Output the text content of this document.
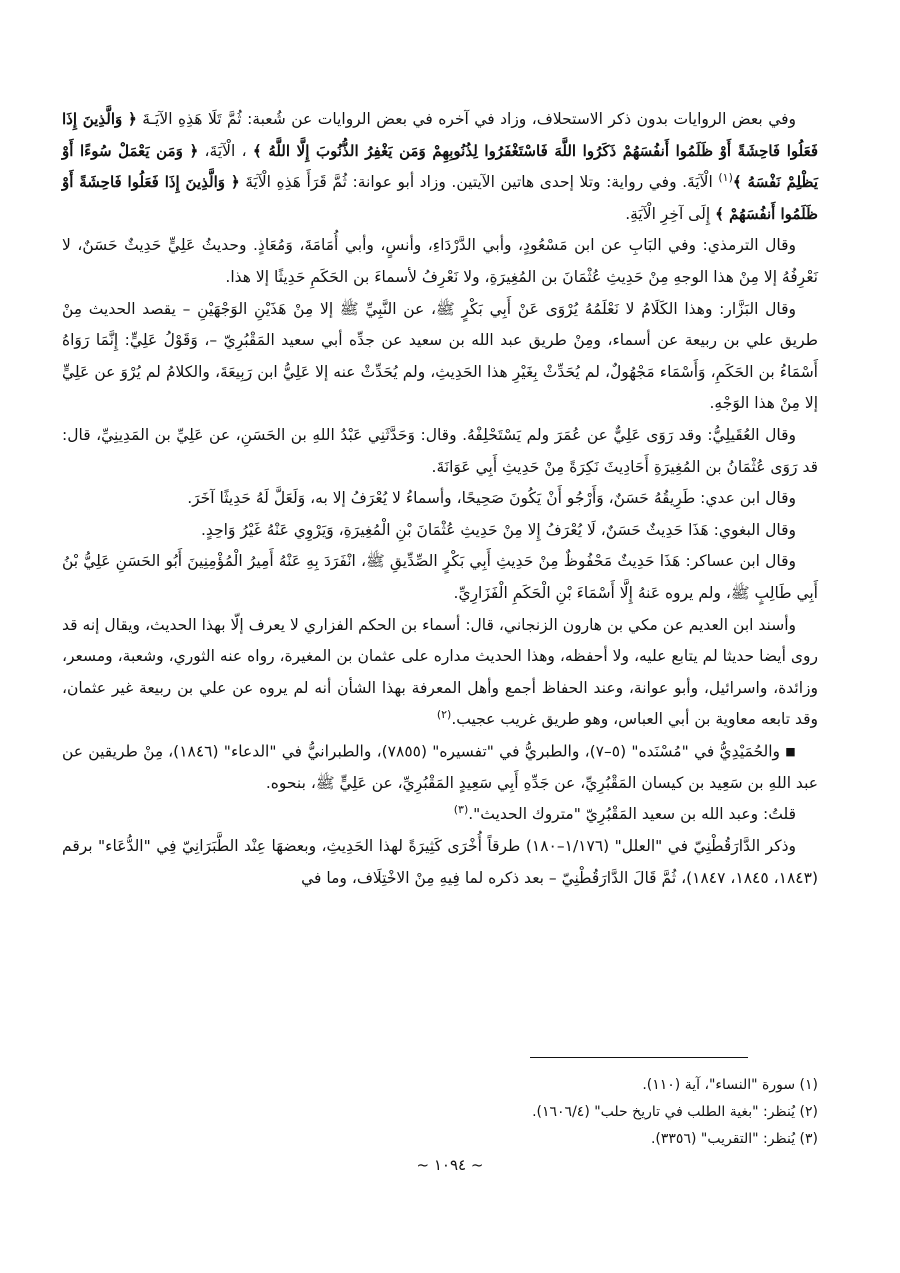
وفي بعض الروايات بدون ذكر الاستحلاف، وزاد في آخره في بعض الروايات عن شُعبة: ثُمَّ تَلَا هَذِهِ الآيَـةَ ﴿ وَالَّذِينَ إِذَا فَعَلُوا فَاحِشَةً أَوْ ظَلَمُوا أَنفُسَهُمْ ذَكَرُوا اللَّهَ فَاسْتَغْفَرُوا لِذُنُوبِهِمْ وَمَن يَغْفِرُ الذُّنُوبَ إِلَّا اللَّهُ ﴾ ، الْآيَةَ، ﴿ وَمَن يَعْمَلْ سُوءًا أَوْ يَظْلِمْ نَفْسَهُ ﴾$^{(١)}$ الْآيَةَ. وفي رواية: وتلا إحدى هاتين الآيتين. وزاد أبو عوانة: ثُمَّ قَرَأَ هَذِهِ الْآيَةَ ﴿ وَالَّذِينَ إِذَا فَعَلُوا فَاحِشَةً أَوْ ظَلَمُوا أَنفُسَهُمْ ﴾ إِلَى آخِرِ الْآيَةِ.

وقال الترمذي: وفي البَابِ عن ابن مَسْعُودٍ، وأبي الدَّرْدَاءِ، وأنسٍ، وأبي أُمَامَةَ، وَمُعَاذٍ. وحديثُ عَلِيٍّ حَدِيثٌ حَسَنٌ، لا نَعْرِفُهُ إلا مِنْ هذا الوجهِ مِنْ حَدِيثِ عُثْمَانَ بن المُغِيرَةِ، ولا نَعْرِفُ لأسماءَ بن الحَكَمِ حَدِيثًا إلا هذا.

وقال البَزَّار: وهذا الكَلَامُ لا نَعْلَمُهُ يُرْوَى عَنْ أَبِي بَكْرٍ ﷺ، عن النَّبِيِّ ﷺ إلا مِنْ هَذَيْنِ الوَجْهَيْنِ – يقصد الحديث مِنْ طريق علي بن ربيعة عن أسماء، ومِنْ طريق عبد الله بن سعيد عن جدِّه أبي سعيد المَقْبُرِيّ –، وَقَوْلُ عَلِيٍّ: إِنَّمَا رَوَاهُ أَسْمَاءُ بن الحَكَمِ، وَأَسْمَاء مَجْهُولٌ، لم يُحَدِّثْ بِغَيْرِ هذا الحَدِيثِ، ولم يُحَدِّثْ عنه إلا عَلِيُّ ابن رَبِيعَةَ، والكلامُ لم يُرْوَ عن عَلِيٍّ إلا مِنْ هذا الوَجْهِ.

وقال العُقَيلِيُّ: وقد رَوَى عَلِيٌّ عن عُمَرَ ولم يَسْتَحْلِفْهُ. وقال: وَحَدَّثَنِي عَبْدُ اللهِ بن الحَسَنِ، عن عَلِيِّ بن المَدِينِيِّ، قال: قد رَوَى عُثْمَانُ بن المُغِيرَةِ أَحَادِيثَ نَكِرَةً مِنْ حَدِيثِ أَبِي عَوَانَةَ.

وقال ابن عدي: طَرِيقُهُ حَسَنٌ، وَأَرْجُو أَنْ يَكُونَ صَحِيحًا، وأسماءُ لا يُعْرَفُ إلا به، وَلَعَلَّ لَهُ حَدِيثًا آخَرَ.

وقال البغوي: هَذَا حَدِيثٌ حَسَنٌ، لَا يُعْرَفُ إِلا مِنْ حَدِيثِ عُثْمَانَ بْنِ الْمُغِيرَةِ، وَيَرْوِي عَنْهُ غَيْرُ وَاحِدٍ.

وقال ابن عساكر: هَذَا حَدِيثٌ مَحْفُوظٌ مِنْ حَدِيثِ أَبِي بَكْرٍ الصِّدِّيقِ ﷺ، انْفَرَدَ بِهِ عَنْهُ أَمِيرُ الْمُؤْمِنِينَ أَبُو الحَسَنِ عَلِيُّ بْنُ أَبِي طَالِبٍ ﷺ، ولم يروه عَنهُ إِلَّا أَسْمَاءَ بْنِ الْحَكَمِ الْفَزَارِيِّ.

وأسند ابن العديم عن مكي بن هارون الزنجاني، قال: أسماء بن الحكم الفزاري لا يعرف إلّا بهذا الحديث، ويقال إنه قد روى أيضا حديثا لم يتابع عليه، ولا أحفظه، وهذا الحديث مداره على عثمان بن المغيرة، رواه عنه الثوري، وشعبة، ومسعر، وزائدة، واسرائيل، وأبو عوانة، وعند الحفاظ أجمع وأهل المعرفة بهذا الشأن أنه لم يروه عن علي بن ربيعة غير عثمان، وقد تابعه معاوية بن أبي العباس، وهو طريق غريب عجيب.$^{(٢)}$

■ والحُمَيْدِيُّ في "مُسْنَده" (٥–٧)، والطبريُّ في "تفسيره" (٧٨٥٥)، والطبرانيُّ في "الدعاء" (١٨٤٦)، مِنْ طريقين عن عبد اللهِ بن سَعِيد بن كيسان المَقْبُرِيِّ، عن جَدِّهِ أَبِي سَعِيدٍ المَقْبُرِيِّ، عن عَلِيٍّ ﷺ، بنحوه.

قلتُ: وعبد الله بن سعيد المَقْبُرِيّ "متروك الحديث".$^{(٣)}$

وذكر الدَّارَقُطْنِيّ في "العلل" (١/١٧٦–١٨٠) طرقاً أُخْرَى كَثِيرَةً لهذا الحَدِيثِ، وبعضهَا عِنْد الطَّبَرَانِيّ فِي "الدُّعَاء" برقم (١٨٤٣، ١٨٤٥، ١٨٤٧)، ثُمَّ قَالَ الدَّارَقُطْنِيّ – بعد ذكره لما فِيهِ مِنْ الاخْتِلَاف، وما في

(١) سورة "النساء"، آية (١١٠).

(٢) يُنظر: "بغية الطلب في تاريخ حلب" (١٦٠٦/٤).

(٣) يُنظر: "التقريب" (٣٣٥٦).

~ ١٠٩٤ ~
